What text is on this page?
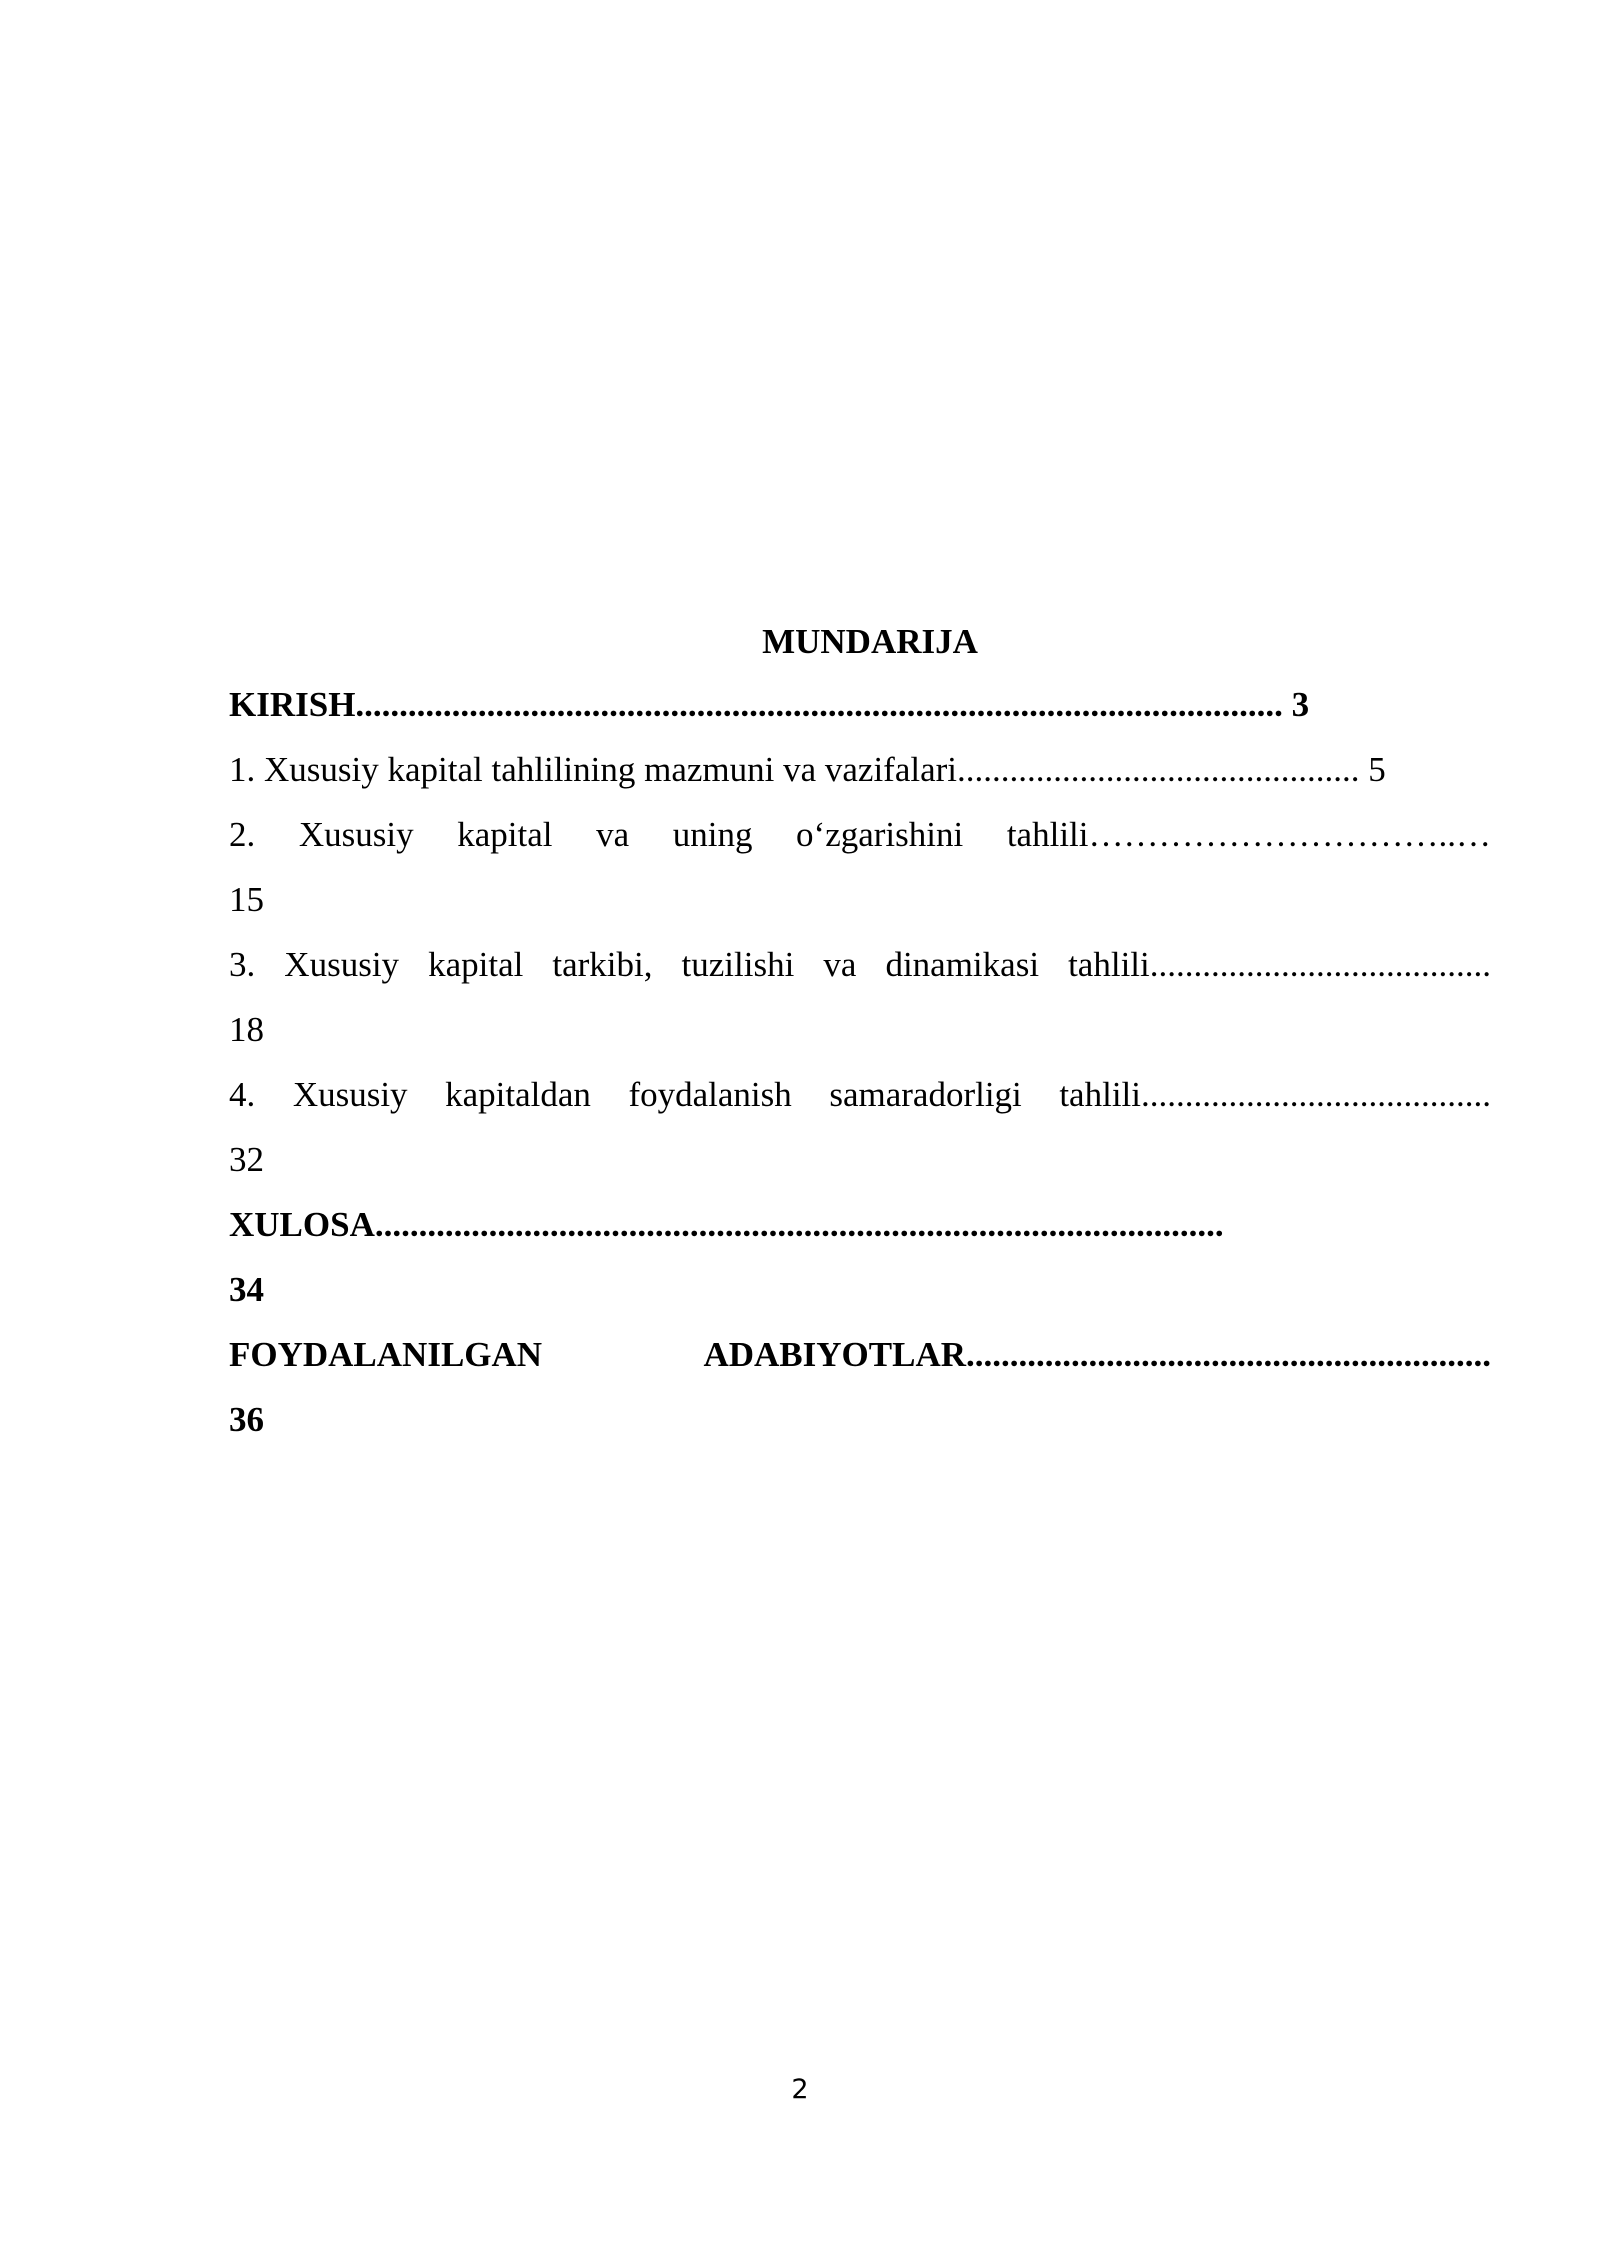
MUNDARIJA
KIRISH.......................................................................................................... 3
1. Xususiy kapital tahlilining mazmuni va vazifalari.............................................. 5
2. Xususiy kapital va uning o‘zgarishini tahlili…………………………..…
15
3. Xususiy kapital tarkibi, tuzilishi va dinamikasi tahlili.......................................
18
4. Xususiy kapitaldan foydalanish samaradorligi tahlili........................................
32
XULOSA.................................................................................................
34
FOYDALANILGAN ADABIYOTLAR............................................................
36
2
